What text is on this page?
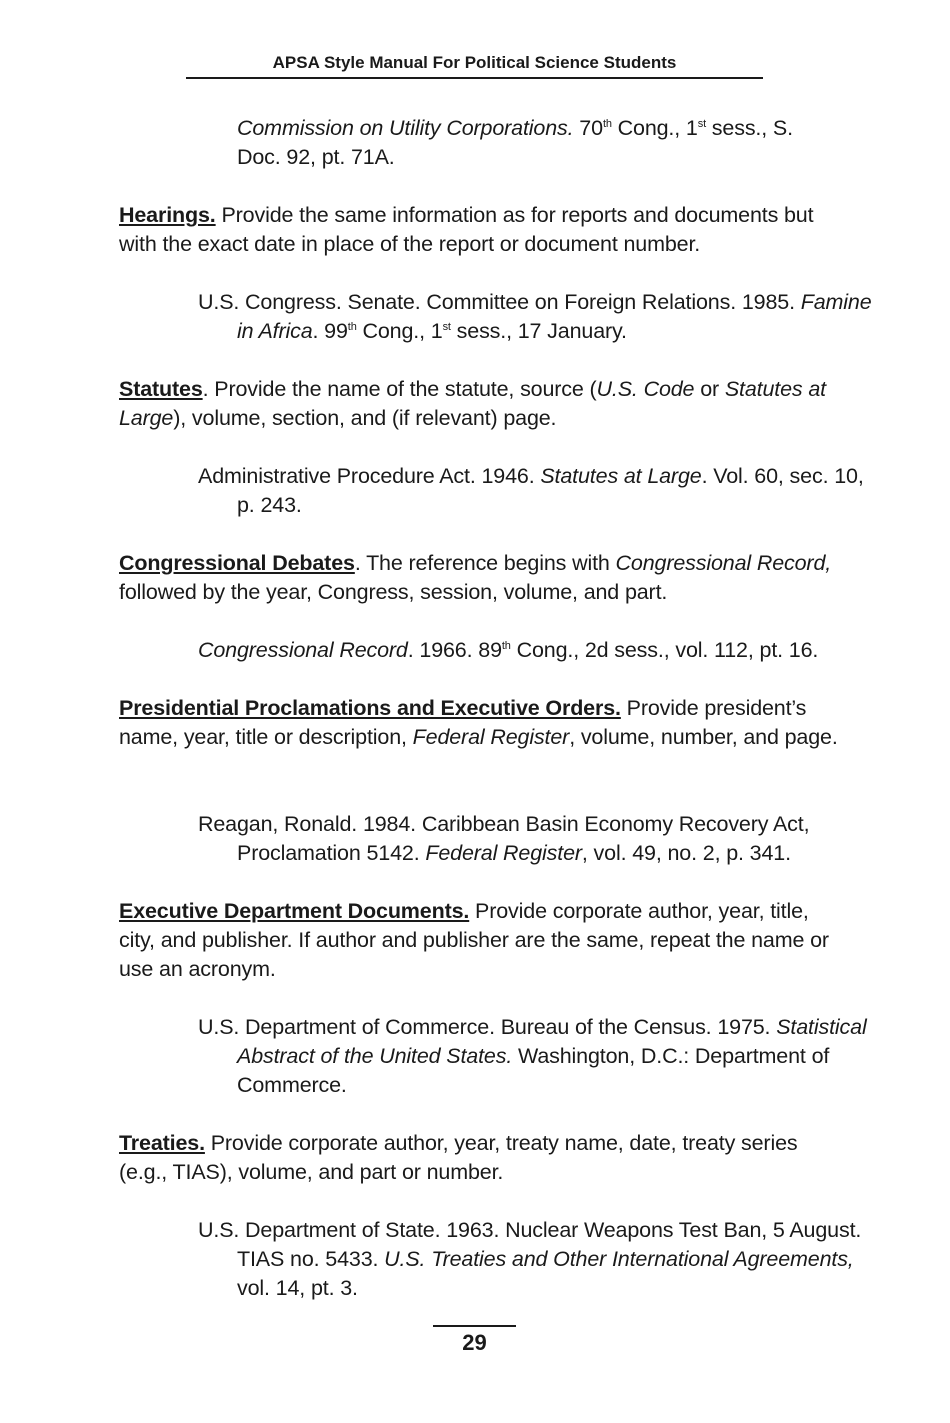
APSA Style Manual For Political Science Students

Commission on Utility Corporations. 70th Cong., 1st sess., S. Doc. 92, pt. 71A.

Hearings. Provide the same information as for reports and documents but with the exact date in place of the report or document number.

U.S. Congress. Senate. Committee on Foreign Relations. 1985. Famine in Africa. 99th Cong., 1st sess., 17 January.

Statutes. Provide the name of the statute, source (U.S. Code or Statutes at Large), volume, section, and (if relevant) page.

Administrative Procedure Act. 1946. Statutes at Large. Vol. 60, sec. 10, p. 243.

Congressional Debates. The reference begins with Congressional Record, followed by the year, Congress, session, volume, and part.

Congressional Record. 1966. 89th Cong., 2d sess., vol. 112, pt. 16.

Presidential Proclamations and Executive Orders. Provide president’s name, year, title or description, Federal Register, volume, number, and page.

Reagan, Ronald. 1984. Caribbean Basin Economy Recovery Act, Proclamation 5142. Federal Register, vol. 49, no. 2, p. 341.

Executive Department Documents. Provide corporate author, year, title, city, and publisher. If author and publisher are the same, repeat the name or use an acronym.

U.S. Department of Commerce. Bureau of the Census. 1975. Statistical Abstract of the United States. Washington, D.C.: Department of Commerce.

Treaties. Provide corporate author, year, treaty name, date, treaty series (e.g., TIAS), volume, and part or number.

U.S. Department of State. 1963. Nuclear Weapons Test Ban, 5 August. TIAS no. 5433. U.S. Treaties and Other International Agreements, vol. 14, pt. 3.

29
